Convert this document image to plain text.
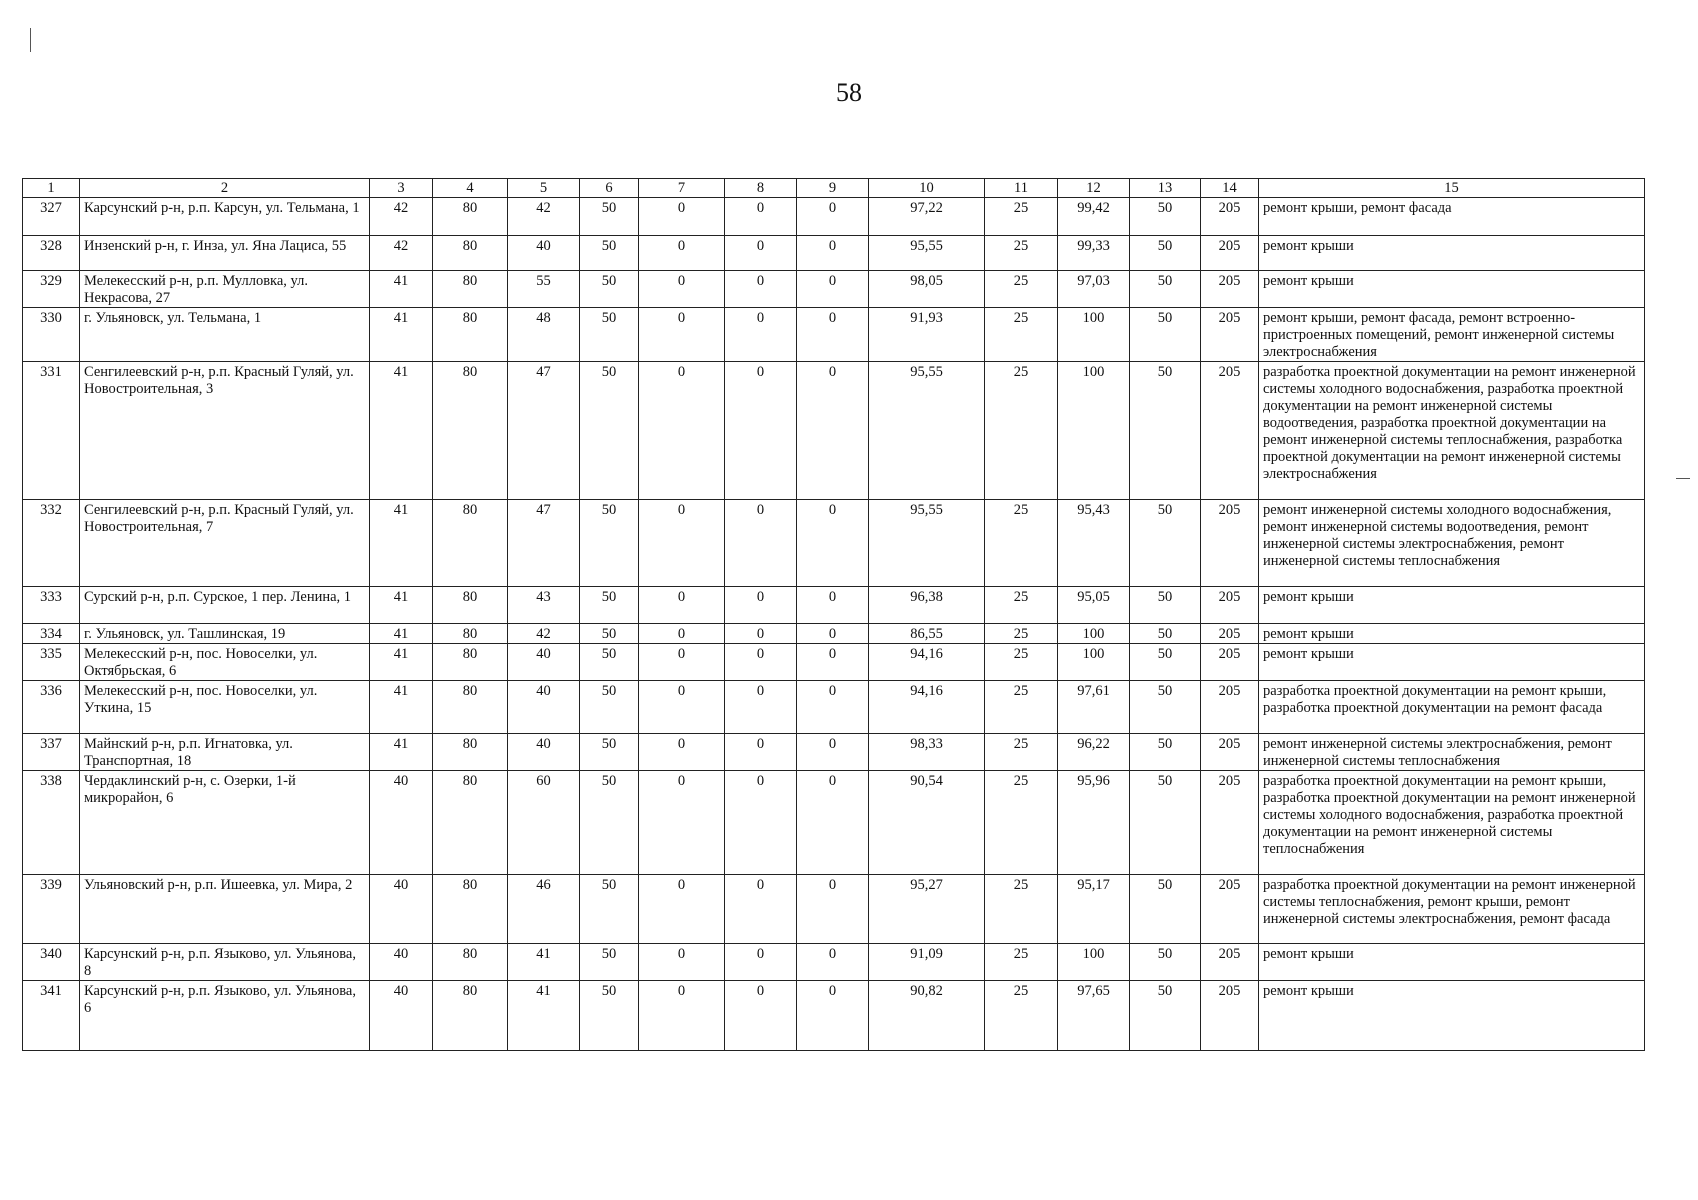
58
1	2	3	4	5	6	7	8	9	10	11	12	13	14	15
327	Карсунский р-н, р.п. Карсун, ул. Тельмана, 1	42	80	42	50	0	0	0	97,22	25	99,42	50	205	ремонт крыши, ремонт фасада
328	Инзенский р-н, г. Инза, ул. Яна Лациса, 55	42	80	40	50	0	0	0	95,55	25	99,33	50	205	ремонт крыши
329	Мелекесский р-н, р.п. Мулловка, ул. Некрасова, 27	41	80	55	50	0	0	0	98,05	25	97,03	50	205	ремонт крыши
330	г. Ульяновск, ул. Тельмана, 1	41	80	48	50	0	0	0	91,93	25	100	50	205	ремонт крыши, ремонт фасада, ремонт встроенно-пристроенных помещений, ремонт инженерной системы электроснабжения
331	Сенгилеевский р-н, р.п. Красный Гуляй, ул. Новостроительная, 3	41	80	47	50	0	0	0	95,55	25	100	50	205	разработка проектной документации на ремонт инженерной системы холодного водоснабжения, разработка проектной документации на ремонт инженерной системы водоотведения, разработка проектной документации на ремонт инженерной системы теплоснабжения, разработка проектной документации на ремонт инженерной системы электроснабжения
332	Сенгилеевский р-н, р.п. Красный Гуляй, ул. Новостроительная, 7	41	80	47	50	0	0	0	95,55	25	95,43	50	205	ремонт инженерной системы холодного водоснабжения, ремонт инженерной системы водоотведения, ремонт инженерной системы электроснабжения, ремонт инженерной системы теплоснабжения
333	Сурский р-н, р.п. Сурское, 1 пер. Ленина, 1	41	80	43	50	0	0	0	96,38	25	95,05	50	205	ремонт крыши
334	г. Ульяновск, ул. Ташлинская, 19	41	80	42	50	0	0	0	86,55	25	100	50	205	ремонт крыши
335	Мелекесский р-н, пос. Новоселки, ул. Октябрьская, 6	41	80	40	50	0	0	0	94,16	25	100	50	205	ремонт крыши
336	Мелекесский р-н, пос. Новоселки, ул. Уткина, 15	41	80	40	50	0	0	0	94,16	25	97,61	50	205	разработка проектной документации на ремонт крыши, разработка проектной документации на ремонт фасада
337	Майнский р-н, р.п. Игнатовка, ул. Транспортная, 18	41	80	40	50	0	0	0	98,33	25	96,22	50	205	ремонт инженерной системы электроснабжения, ремонт инженерной системы теплоснабжения
338	Чердаклинский р-н, с. Озерки, 1-й микрорайон, 6	40	80	60	50	0	0	0	90,54	25	95,96	50	205	разработка проектной документации на ремонт крыши, разработка проектной документации на ремонт инженерной системы холодного водоснабжения, разработка проектной документации на ремонт инженерной системы теплоснабжения
339	Ульяновский р-н, р.п. Ишеевка, ул. Мира, 2	40	80	46	50	0	0	0	95,27	25	95,17	50	205	разработка проектной документации на ремонт инженерной системы теплоснабжения, ремонт крыши, ремонт инженерной системы электроснабжения, ремонт фасада
340	Карсунский р-н, р.п. Языково, ул. Ульянова, 8	40	80	41	50	0	0	0	91,09	25	100	50	205	ремонт крыши
341	Карсунский р-н, р.п. Языково, ул. Ульянова, 6	40	80	41	50	0	0	0	90,82	25	97,65	50	205	ремонт крыши
